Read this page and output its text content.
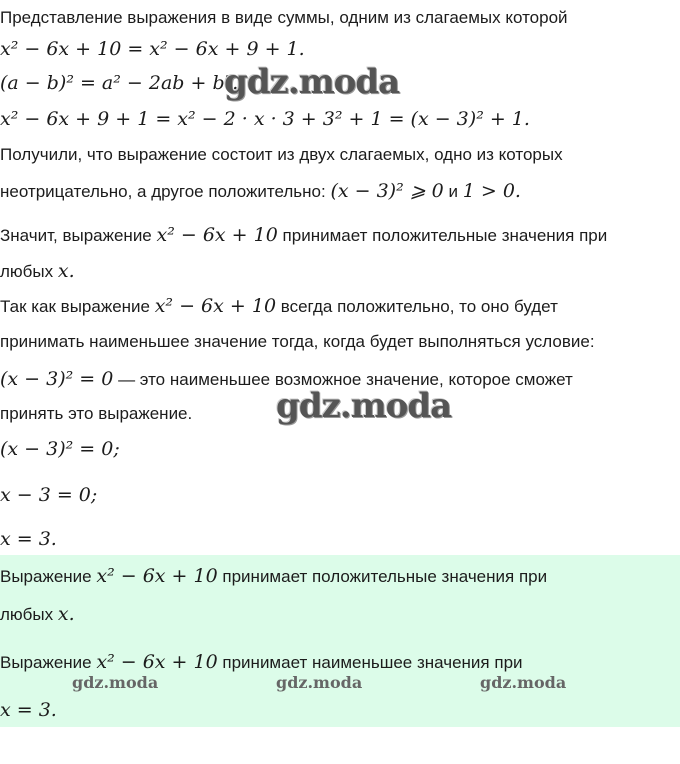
Представление выражения в виде суммы, одним из слагаемых которой
x² − 6x + 10 = x² − 6x + 9 + 1.
(a − b)² = a² − 2ab + b².
x² − 6x + 9 + 1 = x² − 2 · x · 3 + 3² + 1 = (x − 3)² + 1.
Получили, что выражение состоит из двух слагаемых, одно из которых
неотрицательно, а другое положительно: (x − 3)² ⩾ 0 и 1 > 0.
Значит, выражение x² − 6x + 10 принимает положительные значения при
любых x.
Так как выражение x² − 6x + 10 всегда положительно, то оно будет
принимать наименьшее значение тогда, когда будет выполняться условие:
(x − 3)² = 0 — это наименьшее возможное значение, которое сможет
принять это выражение.
(x − 3)² = 0;
x − 3 = 0;
x = 3.
Выражение x² − 6x + 10 принимает положительные значения при
любых x.
Выражение x² − 6x + 10 принимает наименьшее значения при
x = 3.
gdz.moda
gdz.moda
gdz.moda	gdz.moda	gdz.moda
